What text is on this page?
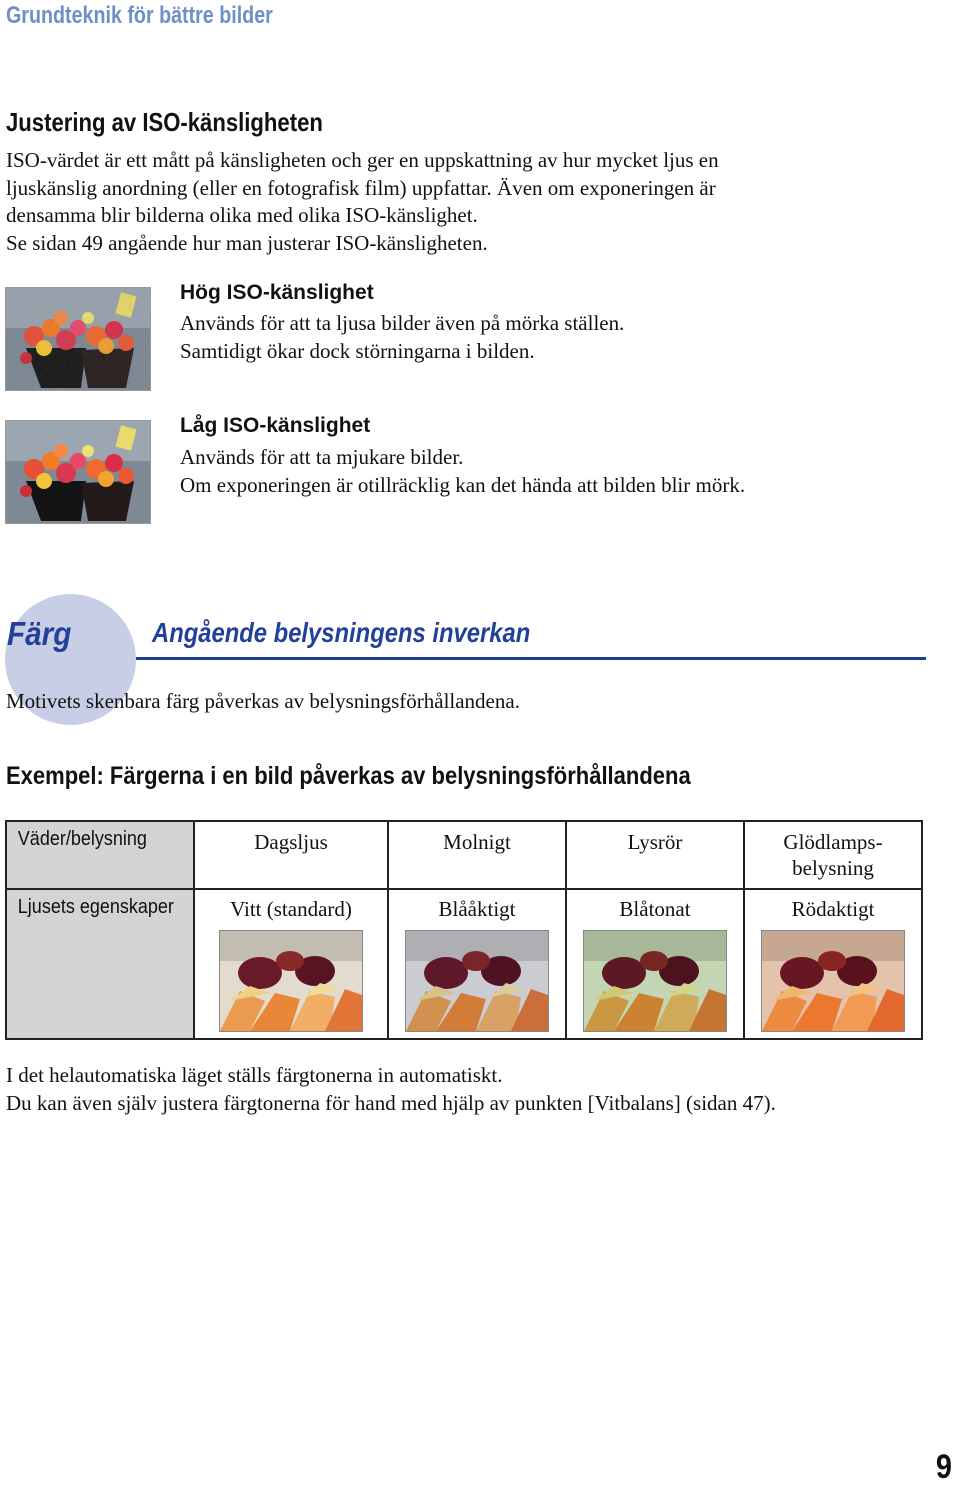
Grundteknik för bättre bilder
Justering av ISO-känsligheten
ISO-värdet är ett mått på känsligheten och ger en uppskattning av hur mycket ljus en
ljuskänslig anordning (eller en fotografisk film) uppfattar. Även om exponeringen är
densamma blir bilderna olika med olika ISO-känslighet.
Se sidan 49 angående hur man justerar ISO-känsligheten.
Hög ISO-känslighet
Används för att ta ljusa bilder även på mörka ställen.
Samtidigt ökar dock störningarna i bilden.
Låg ISO-känslighet
Används för att ta mjukare bilder.
Om exponeringen är otillräcklig kan det hända att bilden blir mörk.
Färg	Angående belysningens inverkan
Motivets skenbara färg påverkas av belysningsförhållandena.
Exempel: Färgerna i en bild påverkas av belysningsförhållandena
Väder/belysning	Dagsljus	Molnigt	Lysrör	Glödlamps-
belysning

Ljusets egenskaper	Vitt (standard)	Blååktigt	Blåtonat	Rödaktigt
I det helautomatiska läget ställs färgtonerna in automatiskt.
Du kan även själv justera färgtonerna för hand med hjälp av punkten [Vitbalans] (sidan 47).
9
